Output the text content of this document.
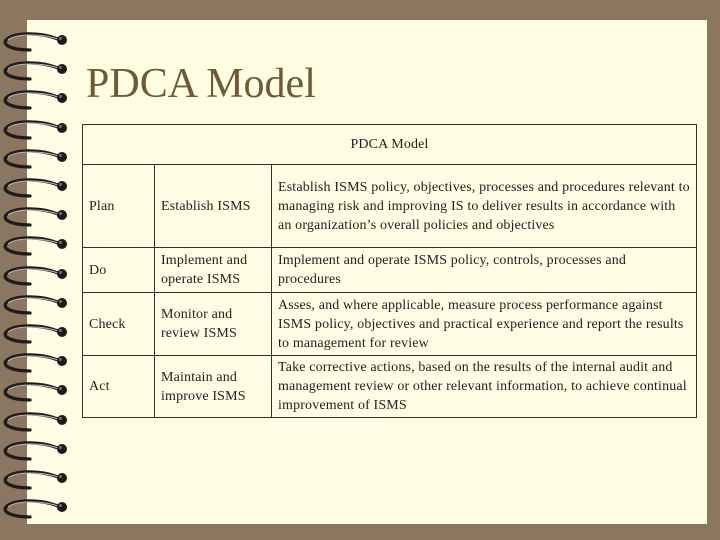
PDCA Model
PDCA Model		
Plan	Establish ISMS	Establish ISMS policy, objectives, processes and procedures relevant to managing risk and improving IS to deliver results in accordance with an organization’s overall policies and objectives
Do	Implement and operate ISMS	Implement and operate ISMS policy, controls, processes and procedures
Check	Monitor and review ISMS	Asses, and where applicable, measure process performance against ISMS policy, objectives and practical experience and report the results to management for review
Act	Maintain and improve ISMS	Take corrective actions, based on the results of the internal audit and management review or other relevant information, to achieve continual improvement of ISMS
